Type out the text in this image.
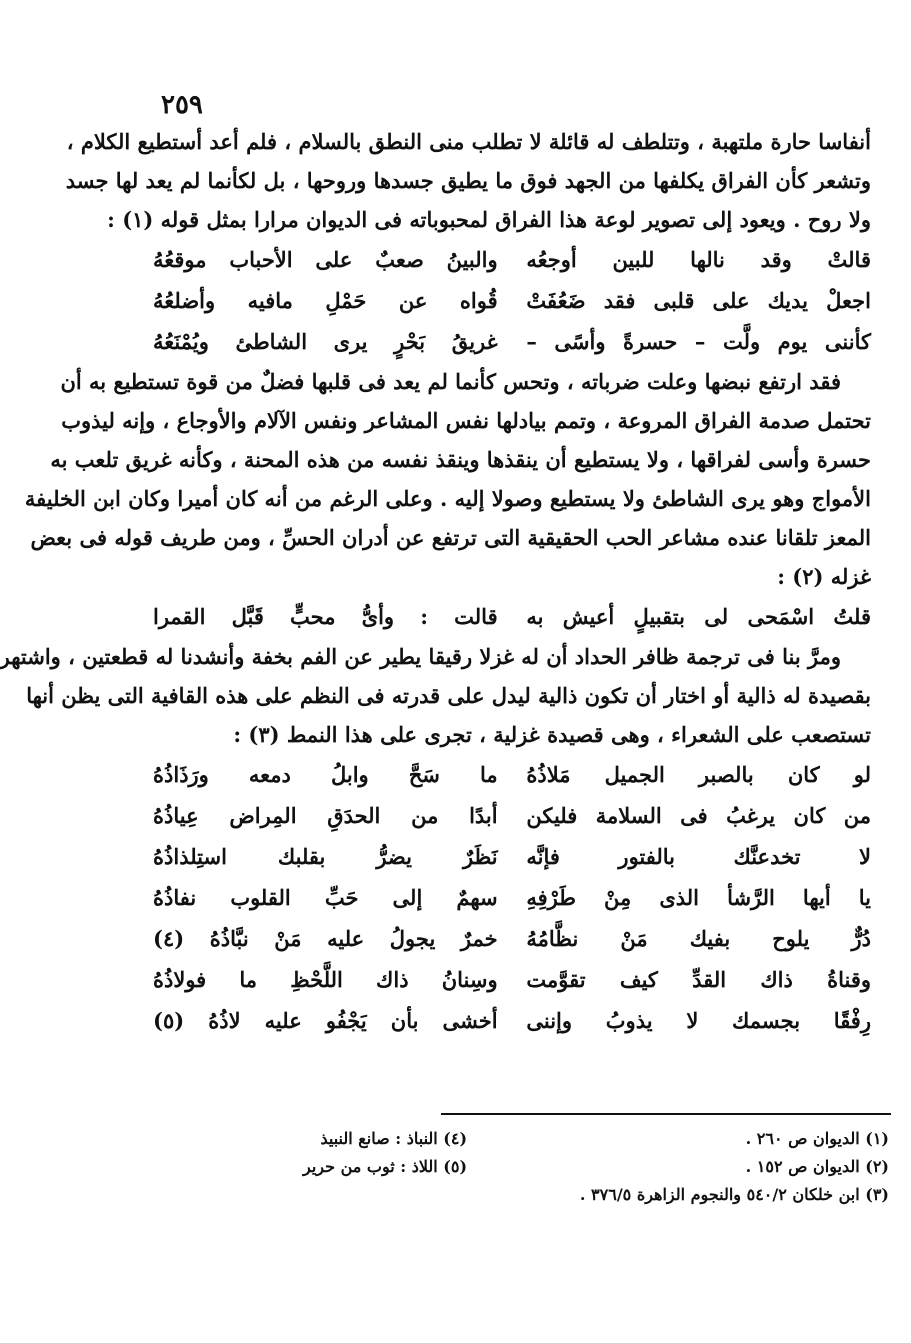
٢٥٩
أنفاسا حارة ملتهبة ، وتتلطف له قائلة لا تطلب منى النطق بالسلام ، فلم أعد أستطيع الكلام ،
وتشعر كأن الفراق يكلفها من الجهد فوق ما يطيق جسدها وروحها ، بل لكأنما لم يعد لها جسد
ولا روح . ويعود إلى تصوير لوعة هذا الفراق لمحبوباته فى الديوان مرارا بمثل قوله (١) :
قالتْ وقد نالها للبين أوجعُه
والبينُ صعبٌ على الأحباب موقعُهُ
اجعلْ يديك على قلبى فقد ضَعُفَتْ
قُواه عن حَمْلِ مافيه وأضلعُهُ
كأننى يوم ولَّت – حسرةً وأسًى –
غريقُ بَحْرٍ يرى الشاطئ ويُمْنَعُهُ
فقد ارتفع نبضها وعلت ضرباته ، وتحس كأنما لم يعد فى قلبها فضلٌ من قوة تستطيع به أن
تحتمل صدمة الفراق المروعة ، وتمم بيادلها نفس المشاعر ونفس الآلام والأوجاع ، وإنه ليذوب
حسرة وأسى لفراقها ، ولا يستطيع أن ينقذها وينقذ نفسه من هذه المحنة ، وكأنه غريق تلعب به
الأمواج وهو يرى الشاطئ ولا يستطيع وصولا إليه . وعلى الرغم من أنه كان أميرا وكان ابن الخليفة
المعز تلقانا عنده مشاعر الحب الحقيقية التى ترتفع عن أدران الحسِّ ، ومن طريف قوله فى بعض
غزله (٢) :
قلتُ اسْمَحى لى بتقبيلٍ أعيش به
قالت : وأىُّ محبٍّ قَبَّل القمرا
ومرَّ بنا فى ترجمة ظافر الحداد أن له غزلا رقيقا يطير عن الفم بخفة وأنشدنا له قطعتين ، واشتهر
بقصيدة له ذالية أو اختار أن تكون ذالية ليدل على قدرته فى النظم على هذه القافية التى يظن أنها
تستصعب على الشعراء ، وهى قصيدة غزلية ، تجرى على هذا النمط (٣) :
لو كان بالصبر الجميل مَلاذُهُ
ما سَحَّ وابلُ دمعه ورَذَاذُهُ
من كان يرغبُ فى السلامة فليكن
أبدًا من الحدَقِ المِراض عِياذُهُ
لا تخدعنَّك بالفتور فإنَّه
نَظَرٌ يضرُّ بقلبك استِلذاذُهُ
يا أيها الرَّشأ الذى مِنْ طَرْفِهِ
سهمٌ إلى حَبِّ القلوب نفاذُهُ
دُرٌّ يلوح بفيك مَنْ نظَّامُهُ
خمرٌ يجولُ عليه مَنْ نبَّاذُهُ (٤)
وقناةُ ذاك القدِّ كيف تقوَّمت
وسِنانُ ذاك اللَّحْظِ ما فولاذُهُ
رِفْقًا بجسمك لا يذوبُ وإننى
أخشى بأن يَجْفُو عليه لاذُهُ (٥)
(١) الديوان ص ٢٦٠ .
(٢) الديوان ص ١٥٢ .
(٣) ابن خلكان ٥٤٠/٢ والنجوم الزاهرة ٣٧٦/٥ .
(٤) النباذ : صانع النبيذ
(٥) اللاذ : ثوب من حرير
